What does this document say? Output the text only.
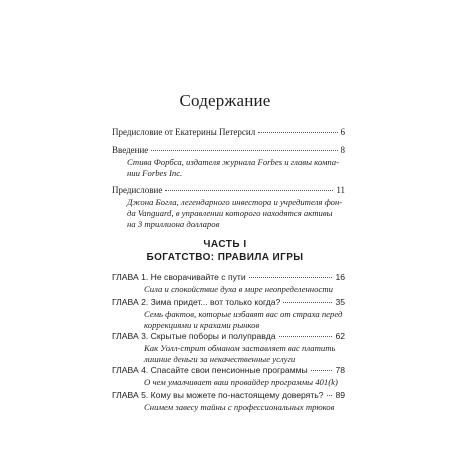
Содержание
Предисловие от Екатерины Петерсил	6
Введение	8
Стива Форбса, издателя журнала Forbes и главы компа-
нии Forbes Inc.
Предисловие	11
Джона Богла, легендарного инвестора и учредителя фон-
да Vanguard, в управлении которого находятся активы
на 3 триллиона долларов
ЧАСТЬ I
БОГАТСТВО: ПРАВИЛА ИГРЫ
ГЛАВА 1. Не сворачивайте с пути	16
Сила и спокойствие духа в мире неопределенности
ГЛАВА 2. Зима придет... вот только когда?	35
Семь фактов, которые избавят вас от страха перед
коррекциями и крахами рынков
ГЛАВА 3. Скрытые поборы и полуправда	62
Как Уолл-стрит обманом заставляет вас платить
лишние деньги за некачественные услуги
ГЛАВА 4. Спасайте свои пенсионные программы	78
О чем умалчивает ваш провайдер программы 401(k)
ГЛАВА 5. Кому вы можете по-настоящему доверять? 89
Снимем завесу тайны с профессиональных трюков
